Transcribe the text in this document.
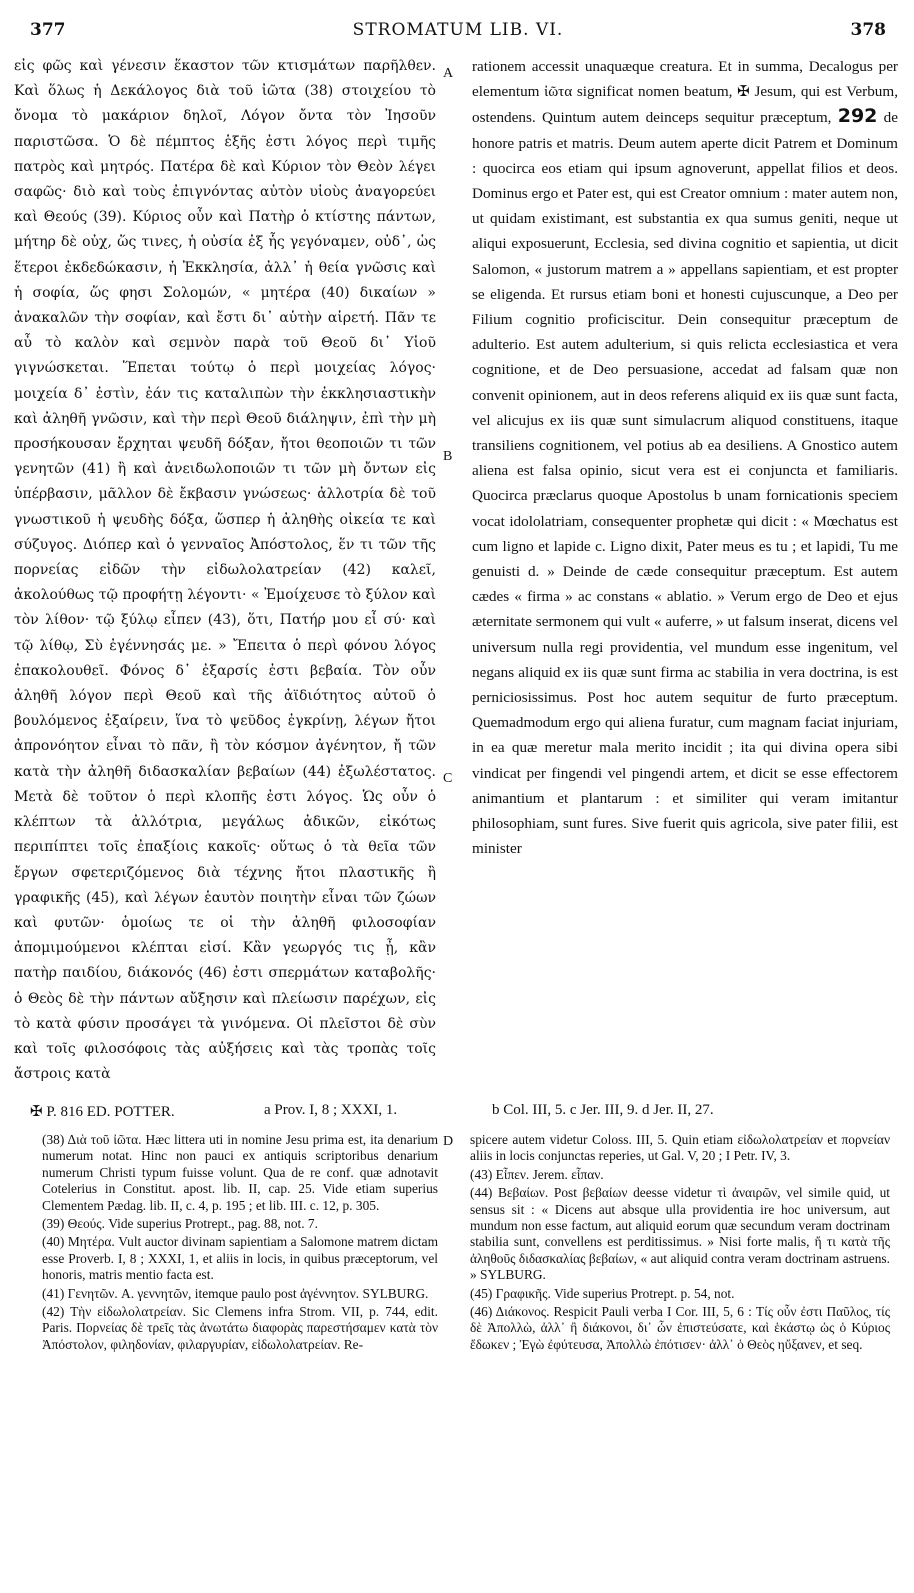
377	STROMATUM LIB. VI.	378

εἰς φῶς καὶ γένεσιν ἕκαστον τῶν κτισμάτων παρῆλθεν. Καὶ ὅλως ἡ Δεκάλογος διὰ τοῦ ἰῶτα (38) στοιχείου τὸ ὄνομα τὸ μακάριον δηλοῖ, Λόγον ὄντα τὸν Ἰησοῦν παριστῶσα. Ὁ δὲ πέμπτος ἑξῆς ἐστι λόγος περὶ τιμῆς πατρὸς καὶ μητρός. Πατέρα δὲ καὶ Κύριον τὸν Θεὸν λέγει σαφῶς· διὸ καὶ τοὺς ἐπιγνόντας αὐτὸν υἱοὺς ἀναγορεύει καὶ Θεούς (39). Κύριος οὖν καὶ Πατὴρ ὁ κτίστης πάντων, μήτηρ δὲ οὐχ, ὥς τινες, ἡ οὐσία ἐξ ἧς γεγόναμεν, οὐδ᾽, ὡς ἕτεροι ἐκδεδώκασιν, ἡ Ἐκκλησία, ἀλλ᾽ ἡ θεία γνῶσις καὶ ἡ σοφία, ὥς φησι Σολομών, « μητέρα (40) δικαίων » ἀνακαλῶν τὴν σοφίαν, καὶ ἔστι δι᾽ αὑτὴν αἱρετή. Πᾶν τε αὖ τὸ καλὸν καὶ σεμνὸν παρὰ τοῦ Θεοῦ δι᾽ Υἱοῦ γιγνώσκεται. Ἕπεται τούτῳ ὁ περὶ μοιχείας λόγος· μοιχεία δ᾽ ἐστὶν, ἐάν τις καταλιπὼν τὴν ἐκκλησιαστικὴν καὶ ἀληθῆ γνῶσιν, καὶ τὴν περὶ Θεοῦ διάληψιν, ἐπὶ τὴν μὴ προσήκουσαν ἔρχηται ψευδῆ δόξαν, ἤτοι θεοποιῶν τι τῶν γενητῶν (41) ἢ καὶ ἀνειδωλοποιῶν τι τῶν μὴ ὄντων εἰς ὑπέρβασιν, μᾶλλον δὲ ἔκβασιν γνώσεως· ἀλλοτρία δὲ τοῦ γνωστικοῦ ἡ ψευδὴς δόξα, ὥσπερ ἡ ἀληθὴς οἰκεία τε καὶ σύζυγος. Διόπερ καὶ ὁ γενναῖος Ἀπόστολος, ἕν τι τῶν τῆς πορνείας εἰδῶν τὴν εἰδωλολατρείαν (42) καλεῖ, ἀκολούθως τῷ προφήτῃ λέγοντι· « Ἐμοίχευσε τὸ ξύλον καὶ τὸν λίθον· τῷ ξύλῳ εἶπεν (43), ὅτι, Πατήρ μου εἶ σύ· καὶ τῷ λίθῳ, Σὺ ἐγέννησάς με. » Ἔπειτα ὁ περὶ φόνου λόγος ἐπακολουθεῖ. Φόνος δ᾽ ἐξαρσίς ἐστι βεβαία. Τὸν οὖν ἀληθῆ λόγον περὶ Θεοῦ καὶ τῆς ἀϊδιότητος αὐτοῦ ὁ βουλόμενος ἐξαίρειν, ἵνα τὸ ψεῦδος ἐγκρίνῃ, λέγων ἤτοι ἀπρονόητον εἶναι τὸ πᾶν, ἢ τὸν κόσμον ἀγένητον, ἤ τῶν κατὰ τὴν ἀληθῆ διδασκαλίαν βεβαίων (44) ἐξωλέστατος. Μετὰ δὲ τοῦτον ὁ περὶ κλοπῆς ἐστι λόγος. Ὡς οὖν ὁ κλέπτων τὰ ἀλλότρια, μεγάλως ἀδικῶν, εἰκότως περιπίπτει τοῖς ἐπαξίοις κακοῖς· οὕτως ὁ τὰ θεῖα τῶν ἔργων σφετεριζόμενος διὰ τέχνης ἤτοι πλαστικῆς ἢ γραφικῆς (45), καὶ λέγων ἑαυτὸν ποιητὴν εἶναι τῶν ζώων καὶ φυτῶν· ὁμοίως τε οἱ τὴν ἀληθῆ φιλοσοφίαν ἀπομιμούμενοι κλέπται εἰσί. Κἂν γεωργός τις ᾖ, κἂν πατὴρ παιδίου, διάκονός (46) ἐστι σπερμάτων καταβολῆς· ὁ Θεὸς δὲ τὴν πάντων αὔξησιν καὶ πλείωσιν παρέχων, εἰς τὸ κατὰ φύσιν προσάγει τὰ γινόμενα. Οἱ πλεῖστοι δὲ σὺν καὶ τοῖς φιλοσόφοις τὰς αὐξήσεις καὶ τὰς τροπὰς τοῖς ἄστροις κατὰ

A
B
C
D

rationem accessit unaquæque creatura. Et in summa, Decalogus per elementum ἰῶτα significat nomen beatum, ✠ Jesum, qui est Verbum, ostendens. Quintum autem deinceps sequitur præceptum, 292 de honore patris et matris. Deum autem aperte dicit Patrem et Dominum : quocirca eos etiam qui ipsum agnoverunt, appellat filios et deos. Dominus ergo et Pater est, qui est Creator omnium : mater autem non, ut quidam existimant, est substantia ex qua sumus geniti, neque ut aliqui exposuerunt, Ecclesia, sed divina cognitio et sapientia, ut dicit Salomon, « justorum matrem a » appellans sapientiam, et est propter se eligenda. Et rursus etiam boni et honesti cujuscunque, a Deo per Filium cognitio proficiscitur. Dein consequitur præceptum de adulterio. Est autem adulterium, si quis relicta ecclesiastica et vera cognitione, et de Deo persuasione, accedat ad falsam quæ non convenit opinionem, aut in deos referens aliquid ex iis quæ sunt facta, vel alicujus ex iis quæ sunt simulacrum aliquod constituens, itaque transiliens cognitionem, vel potius ab ea desiliens. A Gnostico autem aliena est falsa opinio, sicut vera est ei conjuncta et familiaris. Quocirca præclarus quoque Apostolus b unam fornicationis speciem vocat idololatriam, consequenter prophetæ qui dicit : « Mœchatus est cum ligno et lapide c. Ligno dixit, Pater meus es tu ; et lapidi, Tu me genuisti d. » Deinde de cæde consequitur præceptum. Est autem cædes « firma » ac constans « ablatio. » Verum ergo de Deo et ejus æternitate sermonem qui vult « auferre, » ut falsum inserat, dicens vel universum nulla regi providentia, vel mundum esse ingenitum, vel negans aliquid ex iis quæ sunt firma ac stabilia in vera doctrina, is est perniciosissimus. Post hoc autem sequitur de furto præceptum. Quemadmodum ergo qui aliena furatur, cum magnam faciat injuriam, in ea quæ meretur mala merito incidit ; ita qui divina opera sibi vindicat per fingendi vel pingendi artem, et dicit se esse effectorem animantium et plantarum : et similiter qui veram imitantur philosophiam, sunt fures. Sive fuerit quis agricola, sive pater filii, est minister

✠ P. 816 ED. POTTER.	a Prov. I, 8 ; XXXI, 1.	b Col. III, 5. c Jer. III, 9. d Jer. II, 27.

(38) Διὰ τοῦ ἰῶτα. Hæc littera uti in nomine Jesu prima est, ita denarium numerum notat. Hinc non pauci ex antiquis scriptoribus denarium numerum Christi typum fuisse volunt. Qua de re conf. quæ adnotavit Cotelerius in Constitut. apost. lib. II, cap. 25. Vide etiam superius Clementem Pædag. lib. II, c. 4, p. 195 ; et lib. III. c. 12, p. 305.

(39) Θεούς. Vide superius Protrept., pag. 88, not. 7.

(40) Μητέρα. Vult auctor divinam sapientiam a Salomone matrem dictam esse Proverb. I, 8 ; XXXI, 1, et aliis in locis, in quibus præceptorum, vel honoris, matris mentio facta est.

(41) Γενητῶν. A. γεννητῶν, itemque paulo post ἀγέννητον. SYLBURG.

(42) Τὴν εἰδωλολατρείαν. Sic Clemens infra Strom. VII, p. 744, edit. Paris. Πορνείας δὲ τρεῖς τὰς ἀνωτάτω διαφορὰς παρεστήσαμεν κατὰ τὸν Ἀπόστολον, φιληδονίαν, φιλαργυρίαν, εἰδωλολατρείαν. Re-

spicere autem videtur Coloss. III, 5. Quin etiam εἰδωλολατρείαν et πορνείαν aliis in locis conjunctas reperies, ut Gal. V, 20 ; I Petr. IV, 3.

(43) Εἶπεν. Jerem. εἶπαν.

(44) Βεβαίων. Post βεβαίων deesse videtur τὶ ἀναιρῶν, vel simile quid, ut sensus sit : « Dicens aut absque ulla providentia ire hoc universum, aut mundum non esse factum, aut aliquid eorum quæ secundum veram doctrinam stabilia sunt, convellens est perditissimus. » Nisi forte malis, ἤ τι κατὰ τῆς ἀληθοῦς διδασκαλίας βεβαίων, « aut aliquid contra veram doctrinam astruens. » SYLBURG.

(45) Γραφικῆς. Vide superius Protrept. p. 54, not.

(46) Διάκονος. Respicit Pauli verba I Cor. III, 5, 6 : Τίς οὖν ἐστι Παῦλος, τίς δὲ Ἀπολλὼ, ἀλλ᾽ ἢ διάκονοι, δι᾽ ὧν ἐπιστεύσατε, καὶ ἑκάστῳ ὡς ὁ Κύριος ἔδωκεν ; Ἐγὼ ἐφύτευσα, Ἀπολλὼ ἐπότισεν· ἀλλ᾽ ὁ Θεὸς ηὔξανεν, et seq.
